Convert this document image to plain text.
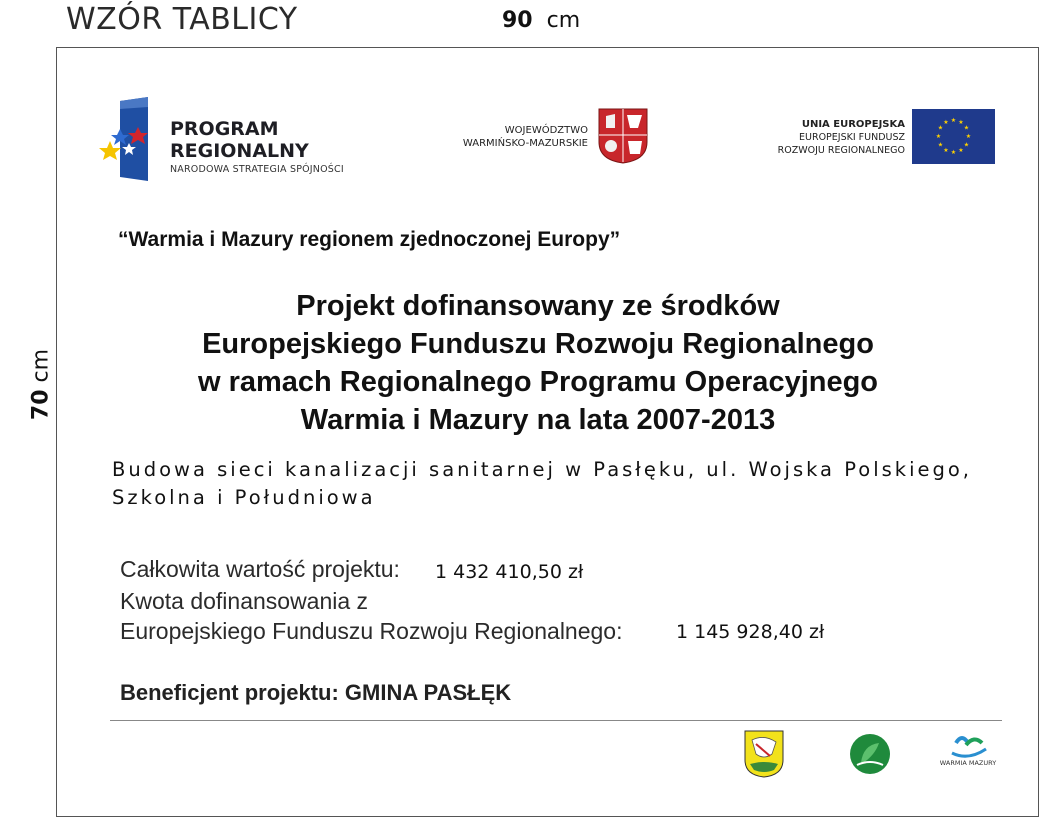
WZÓR TABLICY	90 cm
70 cm
PROGRAM
REGIONALNY
NARODOWA STRATEGIA SPÓJNOŚCI
WOJEWÓDZTWO
WARMIŃSKO-MAZURSKIE
UNIA EUROPEJSKA
EUROPEJSKI FUNDUSZ
ROZWOJU REGIONALNEGO
★ ★
★
★
★
★
★
★
★
★
★
★
“Warmia i Mazury regionem zjednoczonej Europy”
Projekt dofinansowany ze środków
Europejskiego Funduszu Rozwoju Regionalnego
w ramach Regionalnego Programu Operacyjnego
Warmia i Mazury na lata 2007-2013
Budowa sieci kanalizacji sanitarnej w Pasłęku, ul. Wojska Polskiego, Szkolna i Południowa
Całkowita wartość projektu: 1 432 410,50 zł
Kwota dofinansowania z
Europejskiego Funduszu Rozwoju Regionalnego:	1 145 928,40 zł
Beneficjent projektu: GMINA PASŁĘK
WARMIA MAZURY
